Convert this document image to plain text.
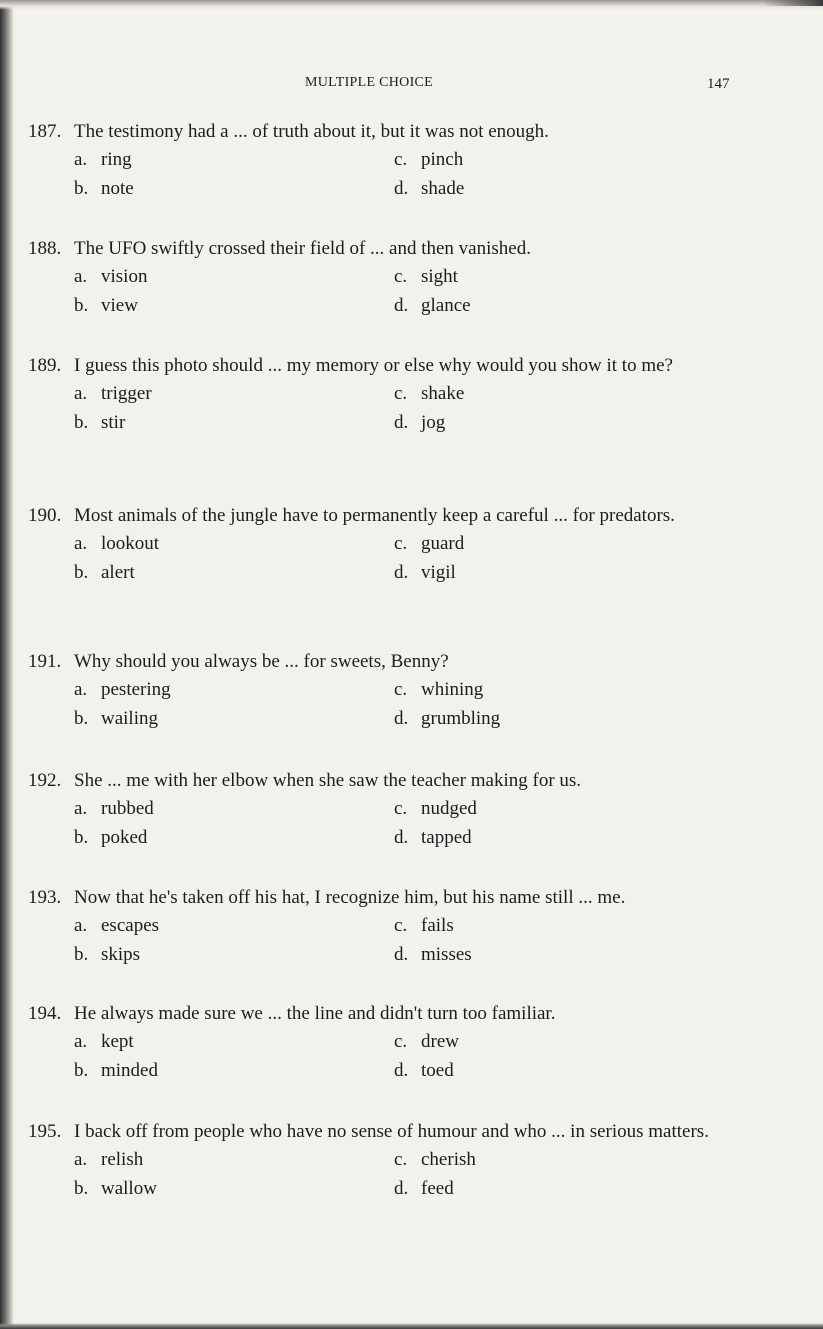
MULTIPLE CHOICE	147
187. The testimony had a ... of truth about it, but it was not enough.
a. ring
b. note
c. pinch
d. shade
188. The UFO swiftly crossed their field of ... and then vanished.
a. vision
b. view
c. sight
d. glance
189. I guess this photo should ... my memory or else why would you show it to me?
a. trigger
b. stir
c. shake
d. jog
190. Most animals of the jungle have to permanently keep a careful ... for predators.
a. lookout
b. alert
c. guard
d. vigil
191. Why should you always be ... for sweets, Benny?
a. pestering
b. wailing
c. whining
d. grumbling
192. She ... me with her elbow when she saw the teacher making for us.
a. rubbed
b. poked
c. nudged
d. tapped
193. Now that he's taken off his hat, I recognize him, but his name still ... me.
a. escapes
b. skips
c. fails
d. misses
194. He always made sure we ... the line and didn't turn too familiar.
a. kept
b. minded
c. drew
d. toed
195. I back off from people who have no sense of humour and who ... in serious matters.
a. relish
b. wallow
c. cherish
d. feed
